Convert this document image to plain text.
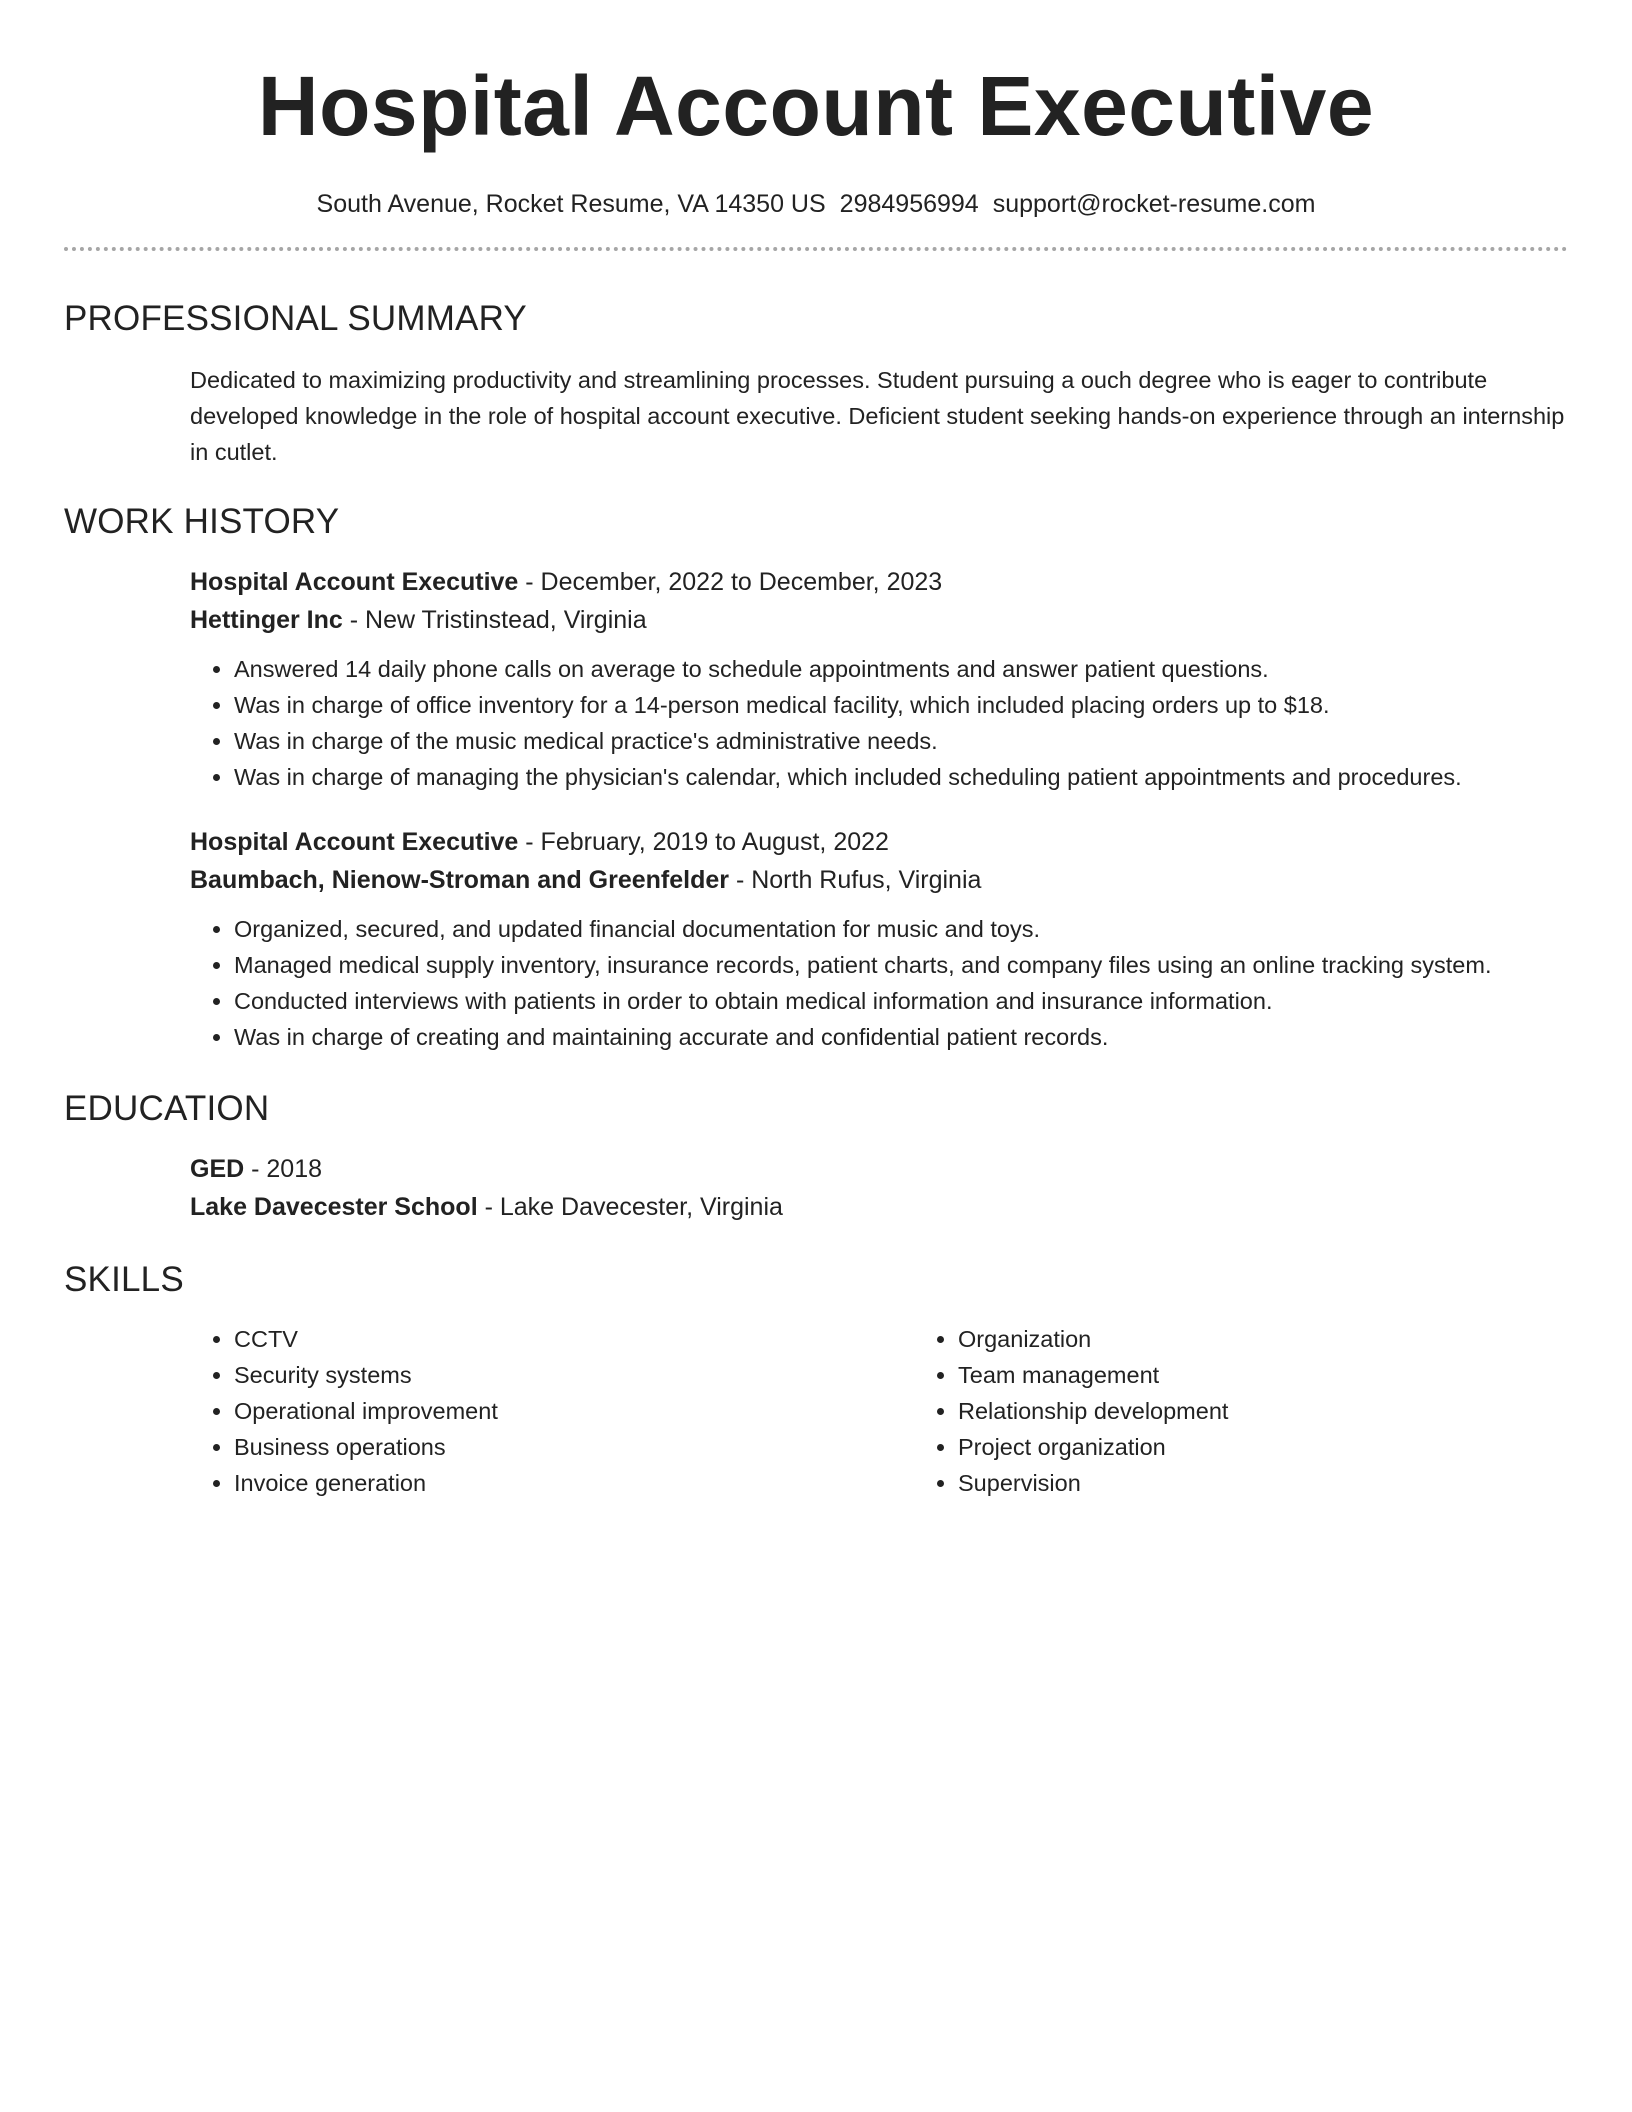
Hospital Account Executive
South Avenue, Rocket Resume, VA 14350 US 2984956994 support@rocket-resume.com
PROFESSIONAL SUMMARY
Dedicated to maximizing productivity and streamlining processes. Student pursuing a ouch degree who is eager to contribute developed knowledge in the role of hospital account executive. Deficient student seeking hands-on experience through an internship in cutlet.
WORK HISTORY
Hospital Account Executive - December, 2022 to December, 2023
Hettinger Inc - New Tristinstead, Virginia
• Answered 14 daily phone calls on average to schedule appointments and answer patient questions.
• Was in charge of office inventory for a 14-person medical facility, which included placing orders up to $18.
• Was in charge of the music medical practice's administrative needs.
• Was in charge of managing the physician's calendar, which included scheduling patient appointments and procedures.
Hospital Account Executive - February, 2019 to August, 2022
Baumbach, Nienow-Stroman and Greenfelder - North Rufus, Virginia
• Organized, secured, and updated financial documentation for music and toys.
• Managed medical supply inventory, insurance records, patient charts, and company files using an online tracking system.
• Conducted interviews with patients in order to obtain medical information and insurance information.
• Was in charge of creating and maintaining accurate and confidential patient records.
EDUCATION
GED - 2018
Lake Davecester School - Lake Davecester, Virginia
SKILLS
• CCTV
• Security systems
• Operational improvement
• Business operations
• Invoice generation
• Organization
• Team management
• Relationship development
• Project organization
• Supervision
